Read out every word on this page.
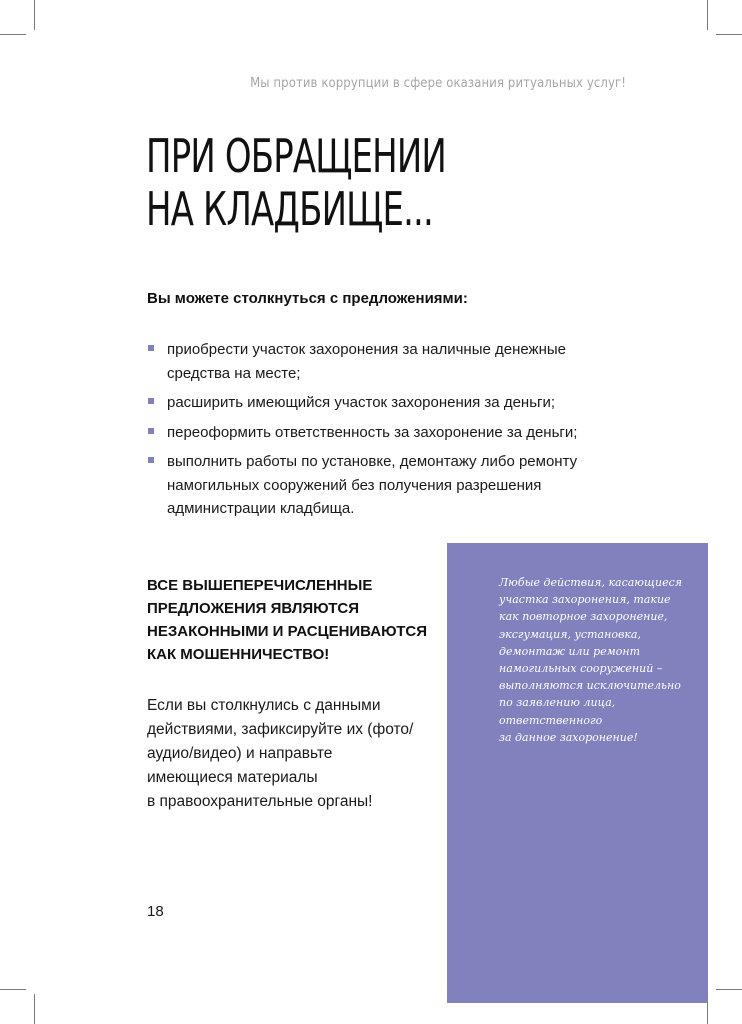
Мы против коррупции в сфере оказания ритуальных услуг!
ПРИ ОБРАЩЕНИИ
НА КЛАДБИЩЕ...
Вы можете столкнуться с предложениями:
приобрести участок захоронения за наличные денежные средства на месте;
расширить имеющийся участок захоронения за деньги;
переоформить ответственность за захоронение за деньги;
выполнить работы по установке, демонтажу либо ремонту намогильных сооружений без получения разрешения администрации кладбища.
ВСЕ ВЫШЕПЕРЕЧИСЛЕННЫЕ
ПРЕДЛОЖЕНИЯ ЯВЛЯЮТСЯ
НЕЗАКОННЫМИ И РАСЦЕНИВАЮТСЯ
КАК МОШЕННИЧЕСТВО!
Если вы столкнулись с данными
действиями, зафиксируйте их (фото/
аудио/видео) и направьте
имеющиеся материалы
в правоохранительные органы!
Любые действия, касающиеся
участка захоронения, такие
как повторное захоронение,
эксгумация, установка,
демонтаж или ремонт
намогильных сооружений –
выполняются исключительно
по заявлению лица,
ответственного
за данное захоронение!
18
